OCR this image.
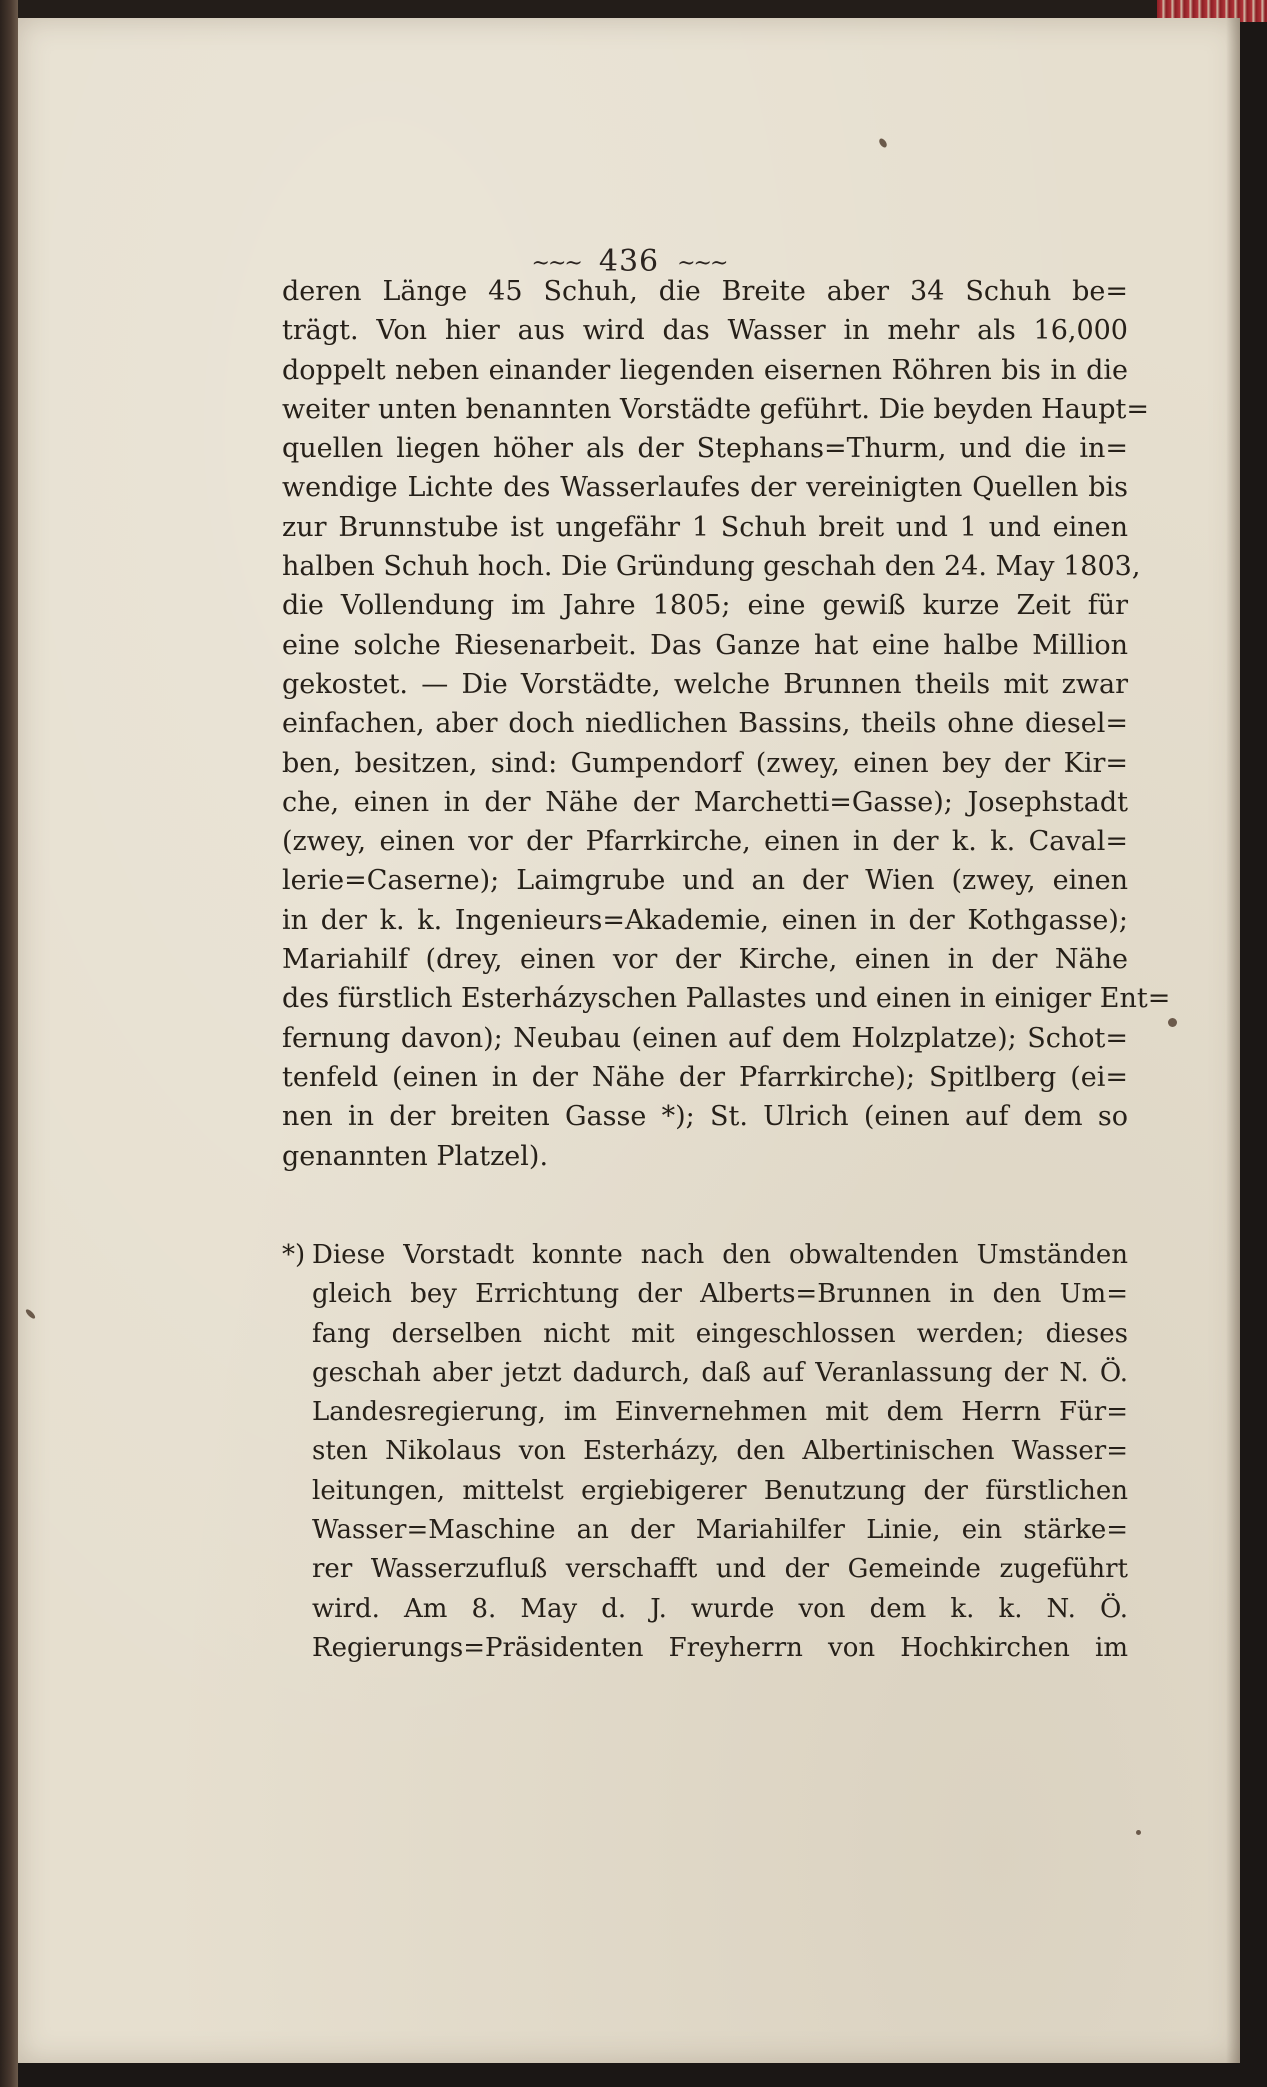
~~~ 436 ~~~
deren Länge 45 Schuh, die Breite aber 34 Schuh be=
trägt. Von hier aus wird das Wasser in mehr als 16,000
doppelt neben einander liegenden eisernen Röhren bis in die
weiter unten benannten Vorstädte geführt. Die beyden Haupt=
quellen liegen höher als der Stephans=Thurm, und die in=
wendige Lichte des Wasserlaufes der vereinigten Quellen bis
zur Brunnstube ist ungefähr 1 Schuh breit und 1 und einen
halben Schuh hoch. Die Gründung geschah den 24. May 1803,
die Vollendung im Jahre 1805; eine gewiß kurze Zeit für
eine solche Riesenarbeit. Das Ganze hat eine halbe Million
gekostet. — Die Vorstädte, welche Brunnen theils mit zwar
einfachen, aber doch niedlichen Bassins, theils ohne diesel=
ben, besitzen, sind: Gumpendorf (zwey, einen bey der Kir=
che, einen in der Nähe der Marchetti=Gasse); Josephstadt
(zwey, einen vor der Pfarrkirche, einen in der k. k. Caval=
lerie=Caserne); Laimgrube und an der Wien (zwey, einen
in der k. k. Ingenieurs=Akademie, einen in der Kothgasse);
Mariahilf (drey, einen vor der Kirche, einen in der Nähe
des fürstlich Esterházyschen Pallastes und einen in einiger Ent=
fernung davon); Neubau (einen auf dem Holzplatze); Schot=
tenfeld (einen in der Nähe der Pfarrkirche); Spitlberg (ei=
nen in der breiten Gasse *); St. Ulrich (einen auf dem so
genannten Platzel).
*) Diese Vorstadt konnte nach den obwaltenden Umständen
gleich bey Errichtung der Alberts=Brunnen in den Um=
fang derselben nicht mit eingeschlossen werden; dieses
geschah aber jetzt dadurch, daß auf Veranlassung der N. Ö.
Landesregierung, im Einvernehmen mit dem Herrn Für=
sten Nikolaus von Esterházy, den Albertinischen Wasser=
leitungen, mittelst ergiebigerer Benutzung der fürstlichen
Wasser=Maschine an der Mariahilfer Linie, ein stärke=
rer Wasserzufluß verschafft und der Gemeinde zugeführt
wird. Am 8. May d. J. wurde von dem k. k. N. Ö.
Regierungs=Präsidenten Freyherrn von Hochkirchen im
